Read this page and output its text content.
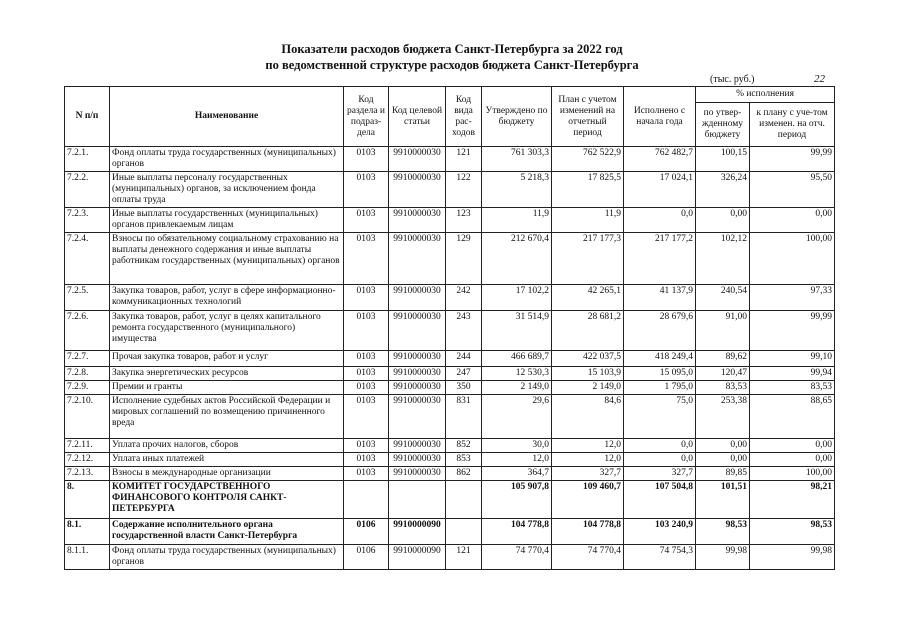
Показатели расходов бюджета Санкт-Петербурга за 2022 год
по ведомственной структуре расходов бюджета Санкт-Петербурга
(тыс. руб.)	22
N п/п	Наименование	Код раздела и подраз-дела	Код целевой статьи	Код вида рас-ходов	Утверждено по бюджету	План с учетом изменений на отчетный период	Исполнено с начала года	% исполнения	
								по утвер-жденному бюджету	к плану с уче-том изменен. на отч. период
7.2.1.	Фонд оплаты труда государственных (муниципальных) органов	0103	9910000030	121	761 303,3	762 522,9	762 482,7	100,15	99,99
7.2.2.	Иные выплаты персоналу государственных (муниципальных) органов, за исключением фонда оплаты труда	0103	9910000030	122	5 218,3	17 825,5	17 024,1	326,24	95,50
7.2.3.	Иные выплаты государственных (муниципальных) органов привлекаемым лицам	0103	9910000030	123	11,9	11,9	0,0	0,00	0,00
7.2.4.	Взносы по обязательному социальному страхованию на выплаты денежного содержания и иные выплаты работникам государственных (муниципальных) органов	0103	9910000030	129	212 670,4	217 177,3	217 177,2	102,12	100,00
7.2.5.	Закупка товаров, работ, услуг в сфере информационно-коммуникационных технологий	0103	9910000030	242	17 102,2	42 265,1	41 137,9	240,54	97,33
7.2.6.	Закупка товаров, работ, услуг в целях капитального ремонта государственного (муниципального) имущества	0103	9910000030	243	31 514,9	28 681,2	28 679,6	91,00	99,99
7.2.7.	Прочая закупка товаров, работ и услуг	0103	9910000030	244	466 689,7	422 037,5	418 249,4	89,62	99,10
7.2.8.	Закупка энергетических ресурсов	0103	9910000030	247	12 530,3	15 103,9	15 095,0	120,47	99,94
7.2.9.	Премии и гранты	0103	9910000030	350	2 149,0	2 149,0	1 795,0	83,53	83,53
7.2.10.	Исполнение судебных актов Российской Федерации и мировых соглашений по возмещению причиненного вреда	0103	9910000030	831	29,6	84,6	75,0	253,38	88,65
7.2.11.	Уплата прочих налогов, сборов	0103	9910000030	852	30,0	12,0	0,0	0,00	0,00
7.2.12.	Уплата иных платежей	0103	9910000030	853	12,0	12,0	0,0	0,00	0,00
7.2.13.	Взносы в международные организации	0103	9910000030	862	364,7	327,7	327,7	89,85	100,00
8.	КОМИТЕТ ГОСУДАРСТВЕННОГО ФИНАНСОВОГО КОНТРОЛЯ САНКТ-ПЕТЕРБУРГА				105 907,8	109 460,7	107 504,8	101,51	98,21
8.1.	Содержание исполнительного органа государственной власти Санкт-Петербурга	0106	9910000090		104 778,8	104 778,8	103 240,9	98,53	98,53
8.1.1.	Фонд оплаты труда государственных (муниципальных) органов	0106	9910000090	121	74 770,4	74 770,4	74 754,3	99,98	99,98
